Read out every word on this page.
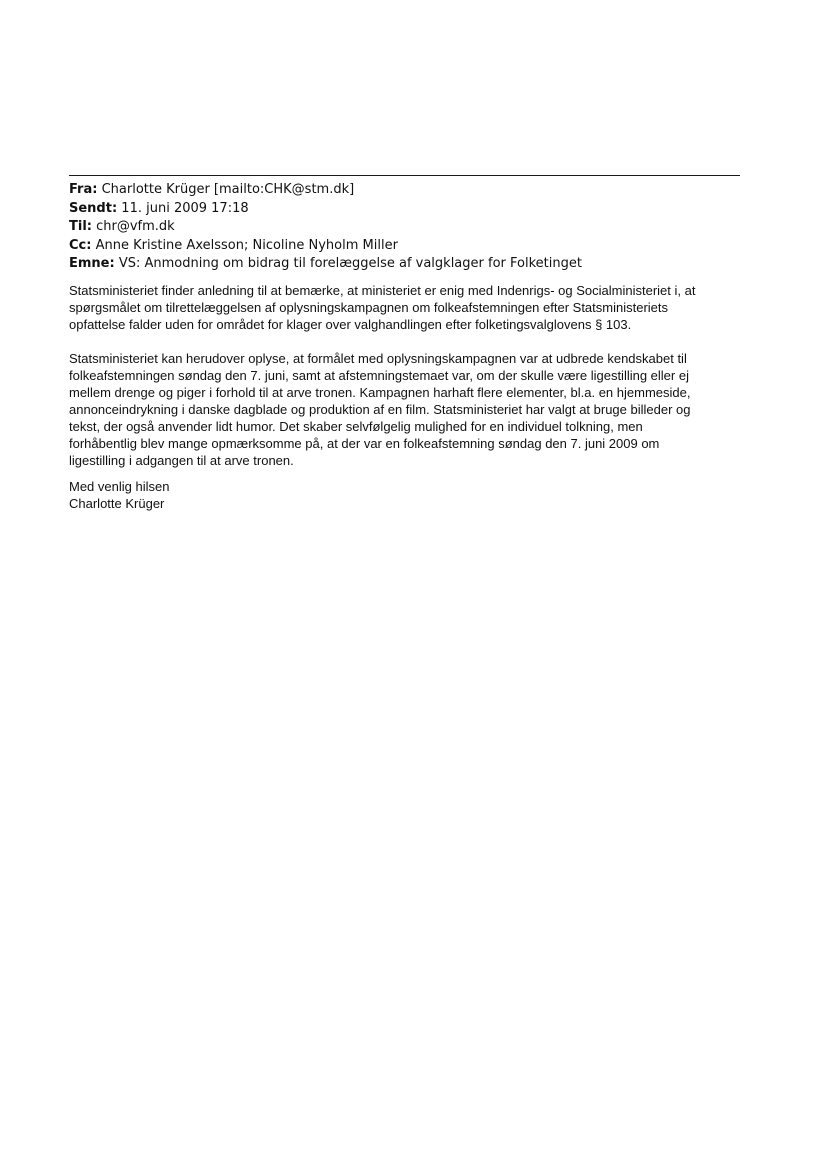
Fra: Charlotte Krüger [mailto:CHK@stm.dk]
Sendt: 11. juni 2009 17:18
Til: chr@vfm.dk
Cc: Anne Kristine Axelsson; Nicoline Nyholm Miller
Emne: VS: Anmodning om bidrag til forelæggelse af valgklager for Folketinget
Statsministeriet finder anledning til at bemærke, at ministeriet er enig med Indenrigs- og Socialministeriet i, at
spørgsmålet om tilrettelæggelsen af oplysningskampagnen om folkeafstemningen efter Statsministeriets
opfattelse falder uden for området for klager over valghandlingen efter folketingsvalglovens § 103.
Statsministeriet kan herudover oplyse, at formålet med oplysningskampagnen var at udbrede kendskabet til
folkeafstemningen søndag den 7. juni, samt at afstemningstemaet var, om der skulle være ligestilling eller ej
mellem drenge og piger i forhold til at arve tronen. Kampagnen harhaft flere elementer, bl.a. en hjemmeside,
annonceindrykning i danske dagblade og produktion af en film. Statsministeriet har valgt at bruge billeder og
tekst, der også anvender lidt humor. Det skaber selvfølgelig mulighed for en individuel tolkning, men
forhåbentlig blev mange opmærksomme på, at der var en folkeafstemning søndag den 7. juni 2009 om
ligestilling i adgangen til at arve tronen.
Med venlig hilsen
Charlotte Krüger
